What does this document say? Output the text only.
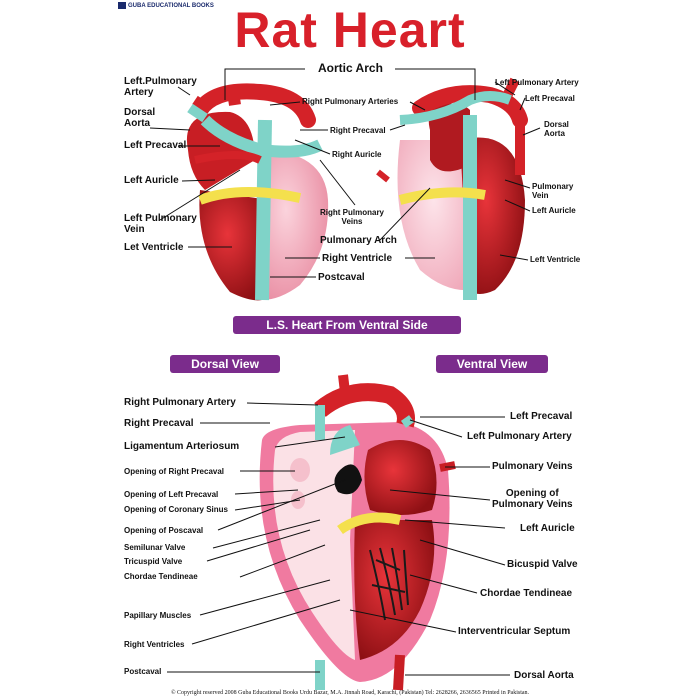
GUBA EDUCATIONAL BOOKS Rat Heart
Aortic Arch
Left.Pulmonary
Artery
Dorsal
Aorta
Left Precaval
Left Auricle
Left Pulmonary
Vein
Let Ventricle
Right Pulmonary Arteries
Right Precaval
Right Auricle
Right Pulmonary
Veins
Pulmonary Arch
Right Ventricle
Postcaval
Left Pulmonary Artery
Left Precaval
Dorsal
Aorta
Pulmonary
Vein
Left Auricle
Left Ventricle
L.S. Heart From Ventral Side
Dorsal View	Ventral View
Right Pulmonary Artery
Right Precaval
Ligamentum Arteriosum
Opening of Right Precaval
Opening of Left Precaval
Opening of Coronary Sinus
Opening of Poscaval
Semilunar Valve
Tricuspid Valve
Chordae Tendineae
Papillary Muscles
Right Ventricles
Postcaval
Left Precaval
Left Pulmonary Artery
Pulmonary Veins
Opening of
Pulmonary Veins
Left Auricle
Bicuspid Valve
Chordae Tendineae
Interventricular Septum
Dorsal Aorta
© Copyright reserved 2008 Guba Educational Books Urdu Bazar, M.A. Jinnah Road, Karachi, (Pakistan) Tel: 2628266, 2636565 Printed in Pakistan.
